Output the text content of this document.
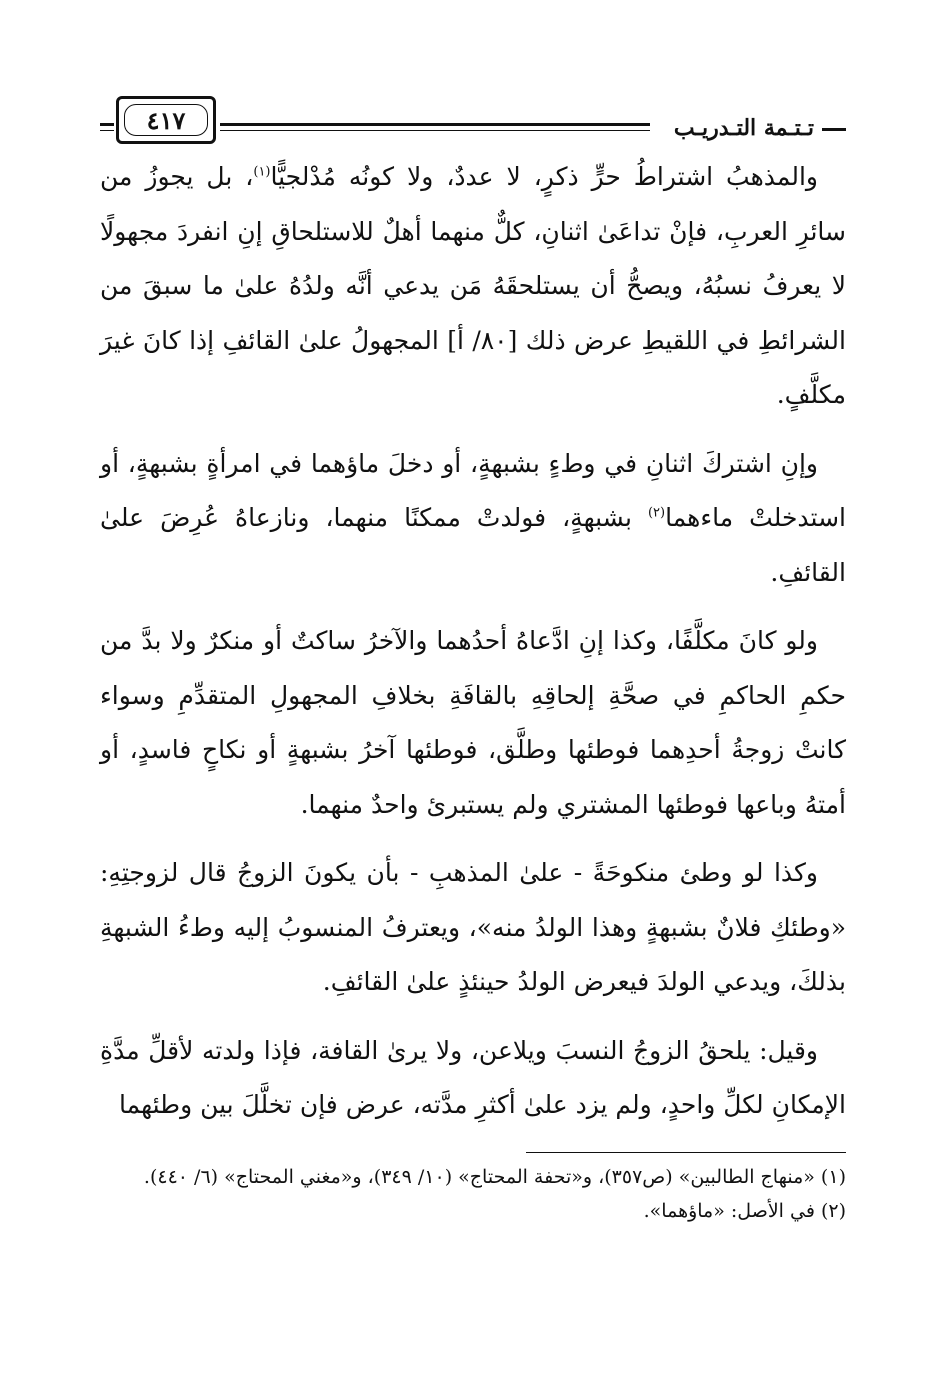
تـتـمة التـدريـب
٤١٧

والمذهبُ اشتراطُ حرٍّ ذكرٍ، لا عددٌ، ولا كونُه مُدْلجيًّا$^{(١)}$، بل يجوزُ من سائرِ العربِ، فإنْ تداعَىٰ اثنانِ، كلٌّ منهما أهلٌ للاستلحاقِ إنِ انفردَ مجهولًا لا يعرفُ نسبُهُ، ويصحُّ أن يستلحقَهُ مَن يدعي أنَّه ولدُهُ علىٰ ما سبقَ من الشرائطِ في اللقيطِ عرض ذلك [٨٠/ أ] المجهولُ علىٰ القائفِ إذا كانَ غيرَ مكلَّفٍ.

وإنِ اشتركَ اثنانِ في وطءٍ بشبهةٍ، أو دخلَ ماؤهما في امرأةٍ بشبهةٍ، أو استدخلتْ ماءهما$^{(٢)}$ بشبهةٍ، فولدتْ ممكنًا منهما، ونازعاهُ عُرِضَ علىٰ القائفِ.

ولو كانَ مكلَّفًا، وكذا إنِ ادَّعاهُ أحدُهما والآخرُ ساكتٌ أو منكرٌ ولا بدَّ من حكمِ الحاكمِ في صحَّةِ إلحاقِهِ بالقافَةِ بخلافِ المجهولِ المتقدِّمِ وسواء كانتْ زوجةُ أحدِهما فوطئها وطلَّق، فوطئها آخرُ بشبهةٍ أو نكاحٍ فاسدٍ، أو أمتهُ وباعها فوطئها المشتري ولم يستبرئ واحدٌ منهما.

وكذا لو وطئ منكوحَةً - علىٰ المذهبِ - بأن يكونَ الزوجُ قال لزوجتِهِ: «وطئكِ فلانٌ بشبهةٍ وهذا الولدُ منه»، ويعترفُ المنسوبُ إليه وطءُ الشبهةِ بذلكَ، ويدعي الولدَ فيعرض الولدُ حينئذٍ علىٰ القائفِ.

وقيل: يلحقُ الزوجُ النسبَ ويلاعن، ولا يرىٰ القافة، فإذا ولدته لأقلِّ مدَّةِ الإمكانِ لكلِّ واحدٍ، ولم يزد علىٰ أكثرِ مدَّته، عرض فإن تخلَّلَ بين وطئهما

(١) «منهاج الطالبين» (ص٣٥٧)، و«تحفة المحتاج» (١٠/ ٣٤٩)، و«مغني المحتاج» (٦/ ٤٤٠).
(٢) في الأصل: «ماؤهما».
